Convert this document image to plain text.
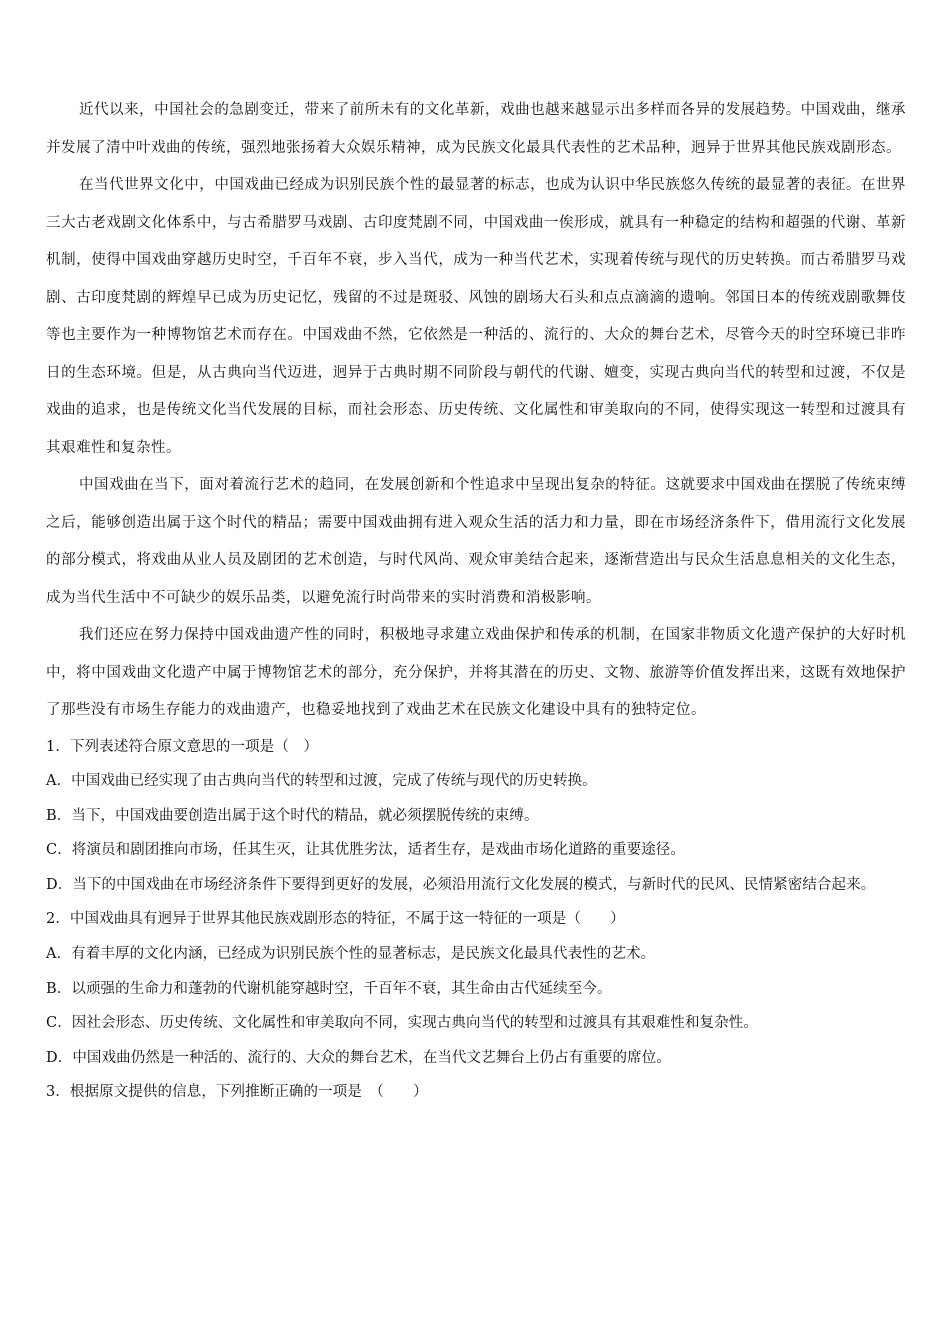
近代以来，中国社会的急剧变迁，带来了前所未有的文化革新，戏曲也越来越显示出多样而各异的发展趋势。中国戏曲，继承并发展了清中叶戏曲的传统，强烈地张扬着大众娱乐精神，成为民族文化最具代表性的艺术品种，迥异于世界其他民族戏剧形态。

在当代世界文化中，中国戏曲已经成为识别民族个性的最显著的标志，也成为认识中华民族悠久传统的最显著的表征。在世界三大古老戏剧文化体系中，与古希腊罗马戏剧、古印度梵剧不同，中国戏曲一俟形成，就具有一种稳定的结构和超强的代谢、革新机制，使得中国戏曲穿越历史时空，千百年不衰，步入当代，成为一种当代艺术，实现着传统与现代的历史转换。而古希腊罗马戏剧、古印度梵剧的辉煌早已成为历史记忆，残留的不过是斑驳、风蚀的剧场大石头和点点滴滴的遗响。邻国日本的传统戏剧歌舞伎等也主要作为一种博物馆艺术而存在。中国戏曲不然，它依然是一种活的、流行的、大众的舞台艺术，尽管今天的时空环境已非昨日的生态环境。但是，从古典向当代迈进，迥异于古典时期不同阶段与朝代的代谢、嬗变，实现古典向当代的转型和过渡，不仅是戏曲的追求，也是传统文化当代发展的目标，而社会形态、历史传统、文化属性和审美取向的不同，使得实现这一转型和过渡具有其艰难性和复杂性。

中国戏曲在当下，面对着流行艺术的趋同，在发展创新和个性追求中呈现出复杂的特征。这就要求中国戏曲在摆脱了传统束缚之后，能够创造出属于这个时代的精品；需要中国戏曲拥有进入观众生活的活力和力量，即在市场经济条件下，借用流行文化发展的部分模式，将戏曲从业人员及剧团的艺术创造，与时代风尚、观众审美结合起来，逐渐营造出与民众生活息息相关的文化生态，成为当代生活中不可缺少的娱乐品类，以避免流行时尚带来的实时消费和消极影响。

我们还应在努力保持中国戏曲遗产性的同时，积极地寻求建立戏曲保护和传承的机制，在国家非物质文化遗产保护的大好时机中，将中国戏曲文化遗产中属于博物馆艺术的部分，充分保护，并将其潜在的历史、文物、旅游等价值发挥出来，这既有效地保护了那些没有市场生存能力的戏曲遗产，也稳妥地找到了戏曲艺术在民族文化建设中具有的独特定位。

1．下列表述符合原文意思的一项是（　）

A．中国戏曲已经实现了由古典向当代的转型和过渡，完成了传统与现代的历史转换。

B．当下，中国戏曲要创造出属于这个时代的精品，就必须摆脱传统的束缚。

C．将演员和剧团推向市场，任其生灭，让其优胜劣汰，适者生存，是戏曲市场化道路的重要途径。

D．当下的中国戏曲在市场经济条件下要得到更好的发展，必须沿用流行文化发展的模式，与新时代的民风、民情紧密结合起来。

2．中国戏曲具有迥异于世界其他民族戏剧形态的特征，不属于这一特征的一项是（　　）

A．有着丰厚的文化内涵，已经成为识别民族个性的显著标志，是民族文化最具代表性的艺术。

B．以顽强的生命力和蓬勃的代谢机能穿越时空，千百年不衰，其生命由古代延续至今。

C．因社会形态、历史传统、文化属性和审美取向不同，实现古典向当代的转型和过渡具有其艰难性和复杂性。

D．中国戏曲仍然是一种活的、流行的、大众的舞台艺术，在当代文艺舞台上仍占有重要的席位。

3．根据原文提供的信息，下列推断正确的一项是　（　　）
